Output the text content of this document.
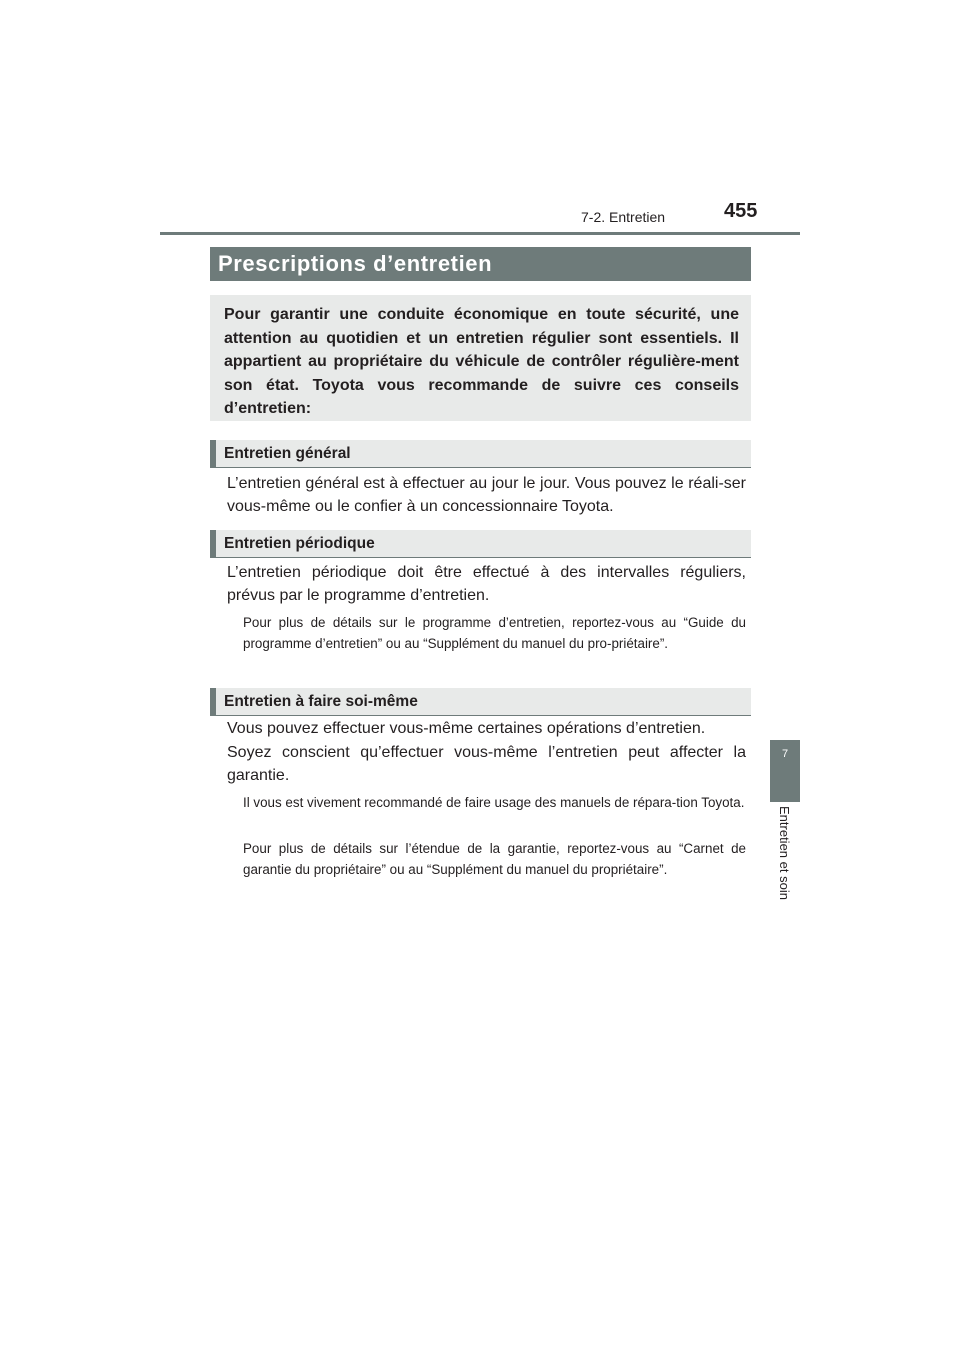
7-2. Entretien	455
Prescriptions d’entretien
Pour garantir une conduite économique en toute sécurité, une attention au quotidien et un entretien régulier sont essentiels. Il appartient au propriétaire du véhicule de contrôler régulière-ment son état. Toyota vous recommande de suivre ces conseils d’entretien:
Entretien général
L’entretien général est à effectuer au jour le jour. Vous pouvez le réali-ser vous-même ou le confier à un concessionnaire Toyota.
Entretien périodique
L’entretien périodique doit être effectué à des intervalles réguliers, prévus par le programme d’entretien.
Pour plus de détails sur le programme d’entretien, reportez-vous au “Guide du programme d’entretien” ou au “Supplément du manuel du pro-priétaire”.
Entretien à faire soi-même
Vous pouvez effectuer vous-même certaines opérations d’entretien.
Soyez conscient qu’effectuer vous-même l’entretien peut affecter la garantie.
Il vous est vivement recommandé de faire usage des manuels de répara-tion Toyota.
Pour plus de détails sur l’étendue de la garantie, reportez-vous au “Carnet de garantie du propriétaire” ou au “Supplément du manuel du propriétaire”.
7
Entretien et soin
